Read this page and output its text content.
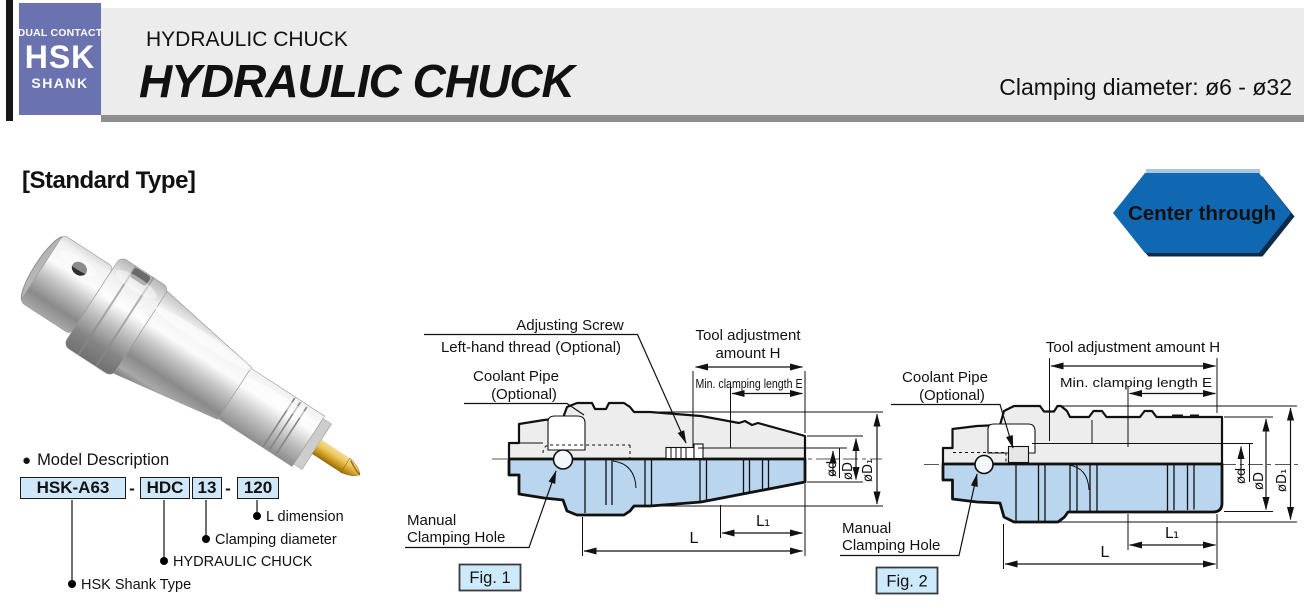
DUAL CONTACT
HSK
SHANK
HYDRAULIC CHUCK
HYDRAULIC CHUCK	Clamping diameter: ø6 - ø32
[Standard Type]
Center through
● Model Description
HSK-A63	- HDC 13 - 120
L dimension
Clamping diameter
HYDRAULIC CHUCK
HSK Shank Type
Adjusting Screw
Left-hand thread (Optional)
Coolant Pipe
(Optional)
Tool adjustment
amount H
Min. clamping length E
Manual
Clamping Hole
ød øD øD₁
L₁
L
Fig. 1
Tool adjustment amount H
Min. clamping length E
Coolant Pipe
(Optional)
Manual
Clamping Hole
ød øD øD₁
L₁
L
Fig. 2
